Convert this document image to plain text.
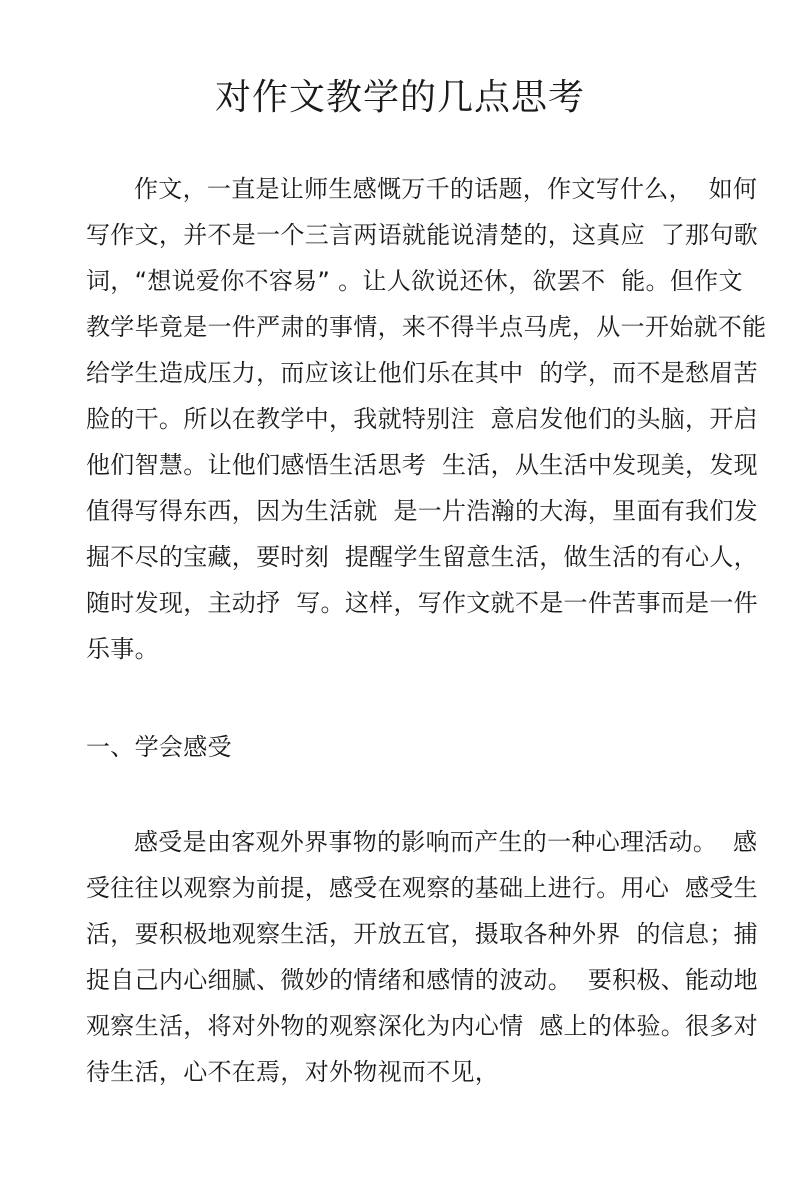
对作文教学的几点思考
作文，一直是让师生感慨万千的话题，作文写什么，  如何
写作文，并不是一个三言两语就能说清楚的，这真应  了那句歌
词，“想说爱你不容易” 。让人欲说还休，欲罢不  能。但作文
教学毕竟是一件严肃的事情，来不得半点马虎，从一开始就不能
给学生造成压力，而应该让他们乐在其中  的学，而不是愁眉苦
脸的干。所以在教学中，我就特别注  意启发他们的头脑，开启
他们智慧。让他们感悟生活思考  生活，从生活中发现美，发现
值得写得东西，因为生活就  是一片浩瀚的大海，里面有我们发
掘不尽的宝藏，要时刻  提醒学生留意生活，做生活的有心人，
随时发现，主动抒  写。这样，写作文就不是一件苦事而是一件
乐事。
一、学会感受
感受是由客观外界事物的影响而产生的一种心理活动。  感
受往往以观察为前提，感受在观察的基础上进行。用心  感受生
活，要积极地观察生活，开放五官，摄取各种外界  的信息；捕
捉自己内心细腻、微妙的情绪和感情的波动。  要积极、能动地
观察生活，将对外物的观察深化为内心情  感上的体验。很多对
待生活，心不在焉，对外物视而不见，
